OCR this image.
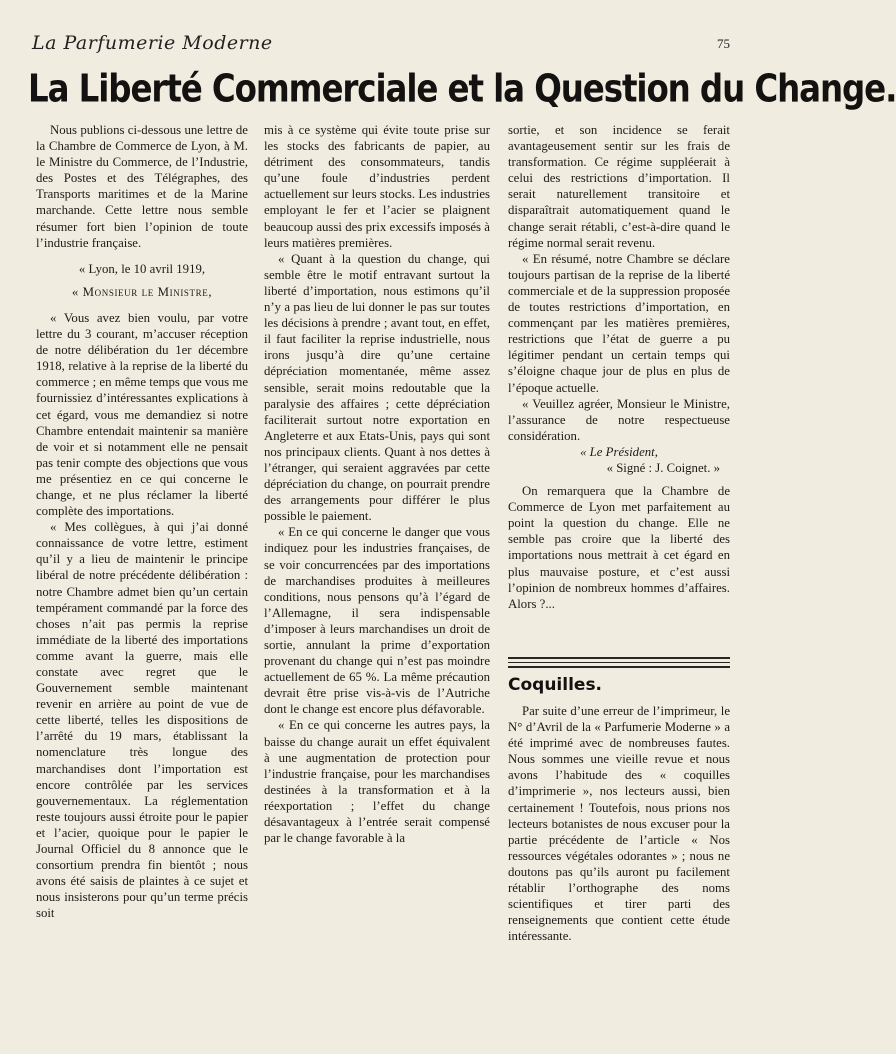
La Parfumerie Moderne	75
La Liberté Commerciale et la Question du Change.

Nous publions ci-dessous une lettre de la Chambre de Commerce de Lyon, à M. le Ministre du Commerce, de l’Industrie, des Postes et des Télégraphes, des Transports maritimes et de la Marine marchande. Cette lettre nous semble résumer fort bien l’opinion de toute l’industrie française.

« Lyon, le 10 avril 1919,

« Monsieur le Ministre,

« Vous avez bien voulu, par votre lettre du 3 courant, m’accuser réception de notre délibération du 1er décembre 1918, relative à la reprise de la liberté du commerce ; en même temps que vous me fournissiez d’intéressantes explications à cet égard, vous me demandiez si notre Chambre entendait maintenir sa manière de voir et si notamment elle ne pensait pas tenir compte des objections que vous me présentiez en ce qui concerne le change, et ne plus réclamer la liberté complète des importations.

« Mes collègues, à qui j’ai donné connaissance de votre lettre, estiment qu’il y a lieu de maintenir le principe libéral de notre précédente délibération : notre Chambre admet bien qu’un certain tempérament commandé par la force des choses n’ait pas permis la reprise immédiate de la liberté des importations comme avant la guerre, mais elle constate avec regret que le Gouvernement semble maintenant revenir en arrière au point de vue de cette liberté, telles les dispositions de l’arrêté du 19 mars, établissant la nomenclature très longue des marchandises dont l’importation est encore contrôlée par les services gouvernementaux. La réglementation reste toujours aussi étroite pour le papier et l’acier, quoique pour le papier le Journal Officiel du 8 annonce que le consortium prendra fin bientôt ; nous avons été saisis de plaintes à ce sujet et nous insisterons pour qu’un terme précis soit

mis à ce système qui évite toute prise sur les stocks des fabricants de papier, au détriment des consommateurs, tandis qu’une foule d’industries perdent actuellement sur leurs stocks. Les industries employant le fer et l’acier se plaignent beaucoup aussi des prix excessifs imposés à leurs matières premières.

« Quant à la question du change, qui semble être le motif entravant surtout la liberté d’importation, nous estimons qu’il n’y a pas lieu de lui donner le pas sur toutes les décisions à prendre ; avant tout, en effet, il faut faciliter la reprise industrielle, nous irons jusqu’à dire qu’une certaine dépréciation momentanée, même assez sensible, serait moins redoutable que la paralysie des affaires ; cette dépréciation faciliterait surtout notre exportation en Angleterre et aux Etats-Unis, pays qui sont nos principaux clients. Quant à nos dettes à l’étranger, qui seraient aggravées par cette dépréciation du change, on pourrait prendre des arrangements pour différer le plus possible le paiement.

« En ce qui concerne le danger que vous indiquez pour les industries françaises, de se voir concurrencées par des importations de marchandises produites à meilleures conditions, nous pensons qu’à l’égard de l’Allemagne, il sera indispensable d’imposer à leurs marchandises un droit de sortie, annulant la prime d’exportation provenant du change qui n’est pas moindre actuellement de 65 %. La même précaution devrait être prise vis-à-vis de l’Autriche dont le change est encore plus défavorable.

« En ce qui concerne les autres pays, la baisse du change aurait un effet équivalent à une augmentation de protection pour l’industrie française, pour les marchandises destinées à la transformation et à la réexportation ; l’effet du change désavantageux à l’entrée serait compensé par le change favorable à la

sortie, et son incidence se ferait avantageusement sentir sur les frais de transformation. Ce régime suppléerait à celui des restrictions d’importation. Il serait naturellement transitoire et disparaîtrait automatiquement quand le change serait rétabli, c’est-à-dire quand le régime normal serait revenu.

« En résumé, notre Chambre se déclare toujours partisan de la reprise de la liberté commerciale et de la suppression proposée de toutes restrictions d’importation, en commençant par les matières premières, restrictions que l’état de guerre a pu légitimer pendant un certain temps qui s’éloigne chaque jour de plus en plus de l’époque actuelle.

« Veuillez agréer, Monsieur le Ministre, l’assurance de notre respectueuse considération.

« Le Président,

« Signé : J. Coignet. »

On remarquera que la Chambre de Commerce de Lyon met parfaitement au point la question du change. Elle ne semble pas croire que la liberté des importations nous mettrait à cet égard en plus mauvaise posture, et c’est aussi l’opinion de nombreux hommes d’affaires. Alors ?...

Coquilles.

Par suite d’une erreur de l’imprimeur, le N° d’Avril de la « Parfumerie Moderne » a été imprimé avec de nombreuses fautes. Nous sommes une vieille revue et nous avons l’habitude des « coquilles d’imprimerie », nos lecteurs aussi, bien certainement ! Toutefois, nous prions nos lecteurs botanistes de nous excuser pour la partie précédente de l’article « Nos ressources végétales odorantes » ; nous ne doutons pas qu’ils auront pu facilement rétablir l’orthographe des noms scientifiques et tirer parti des renseignements que contient cette étude intéressante.
